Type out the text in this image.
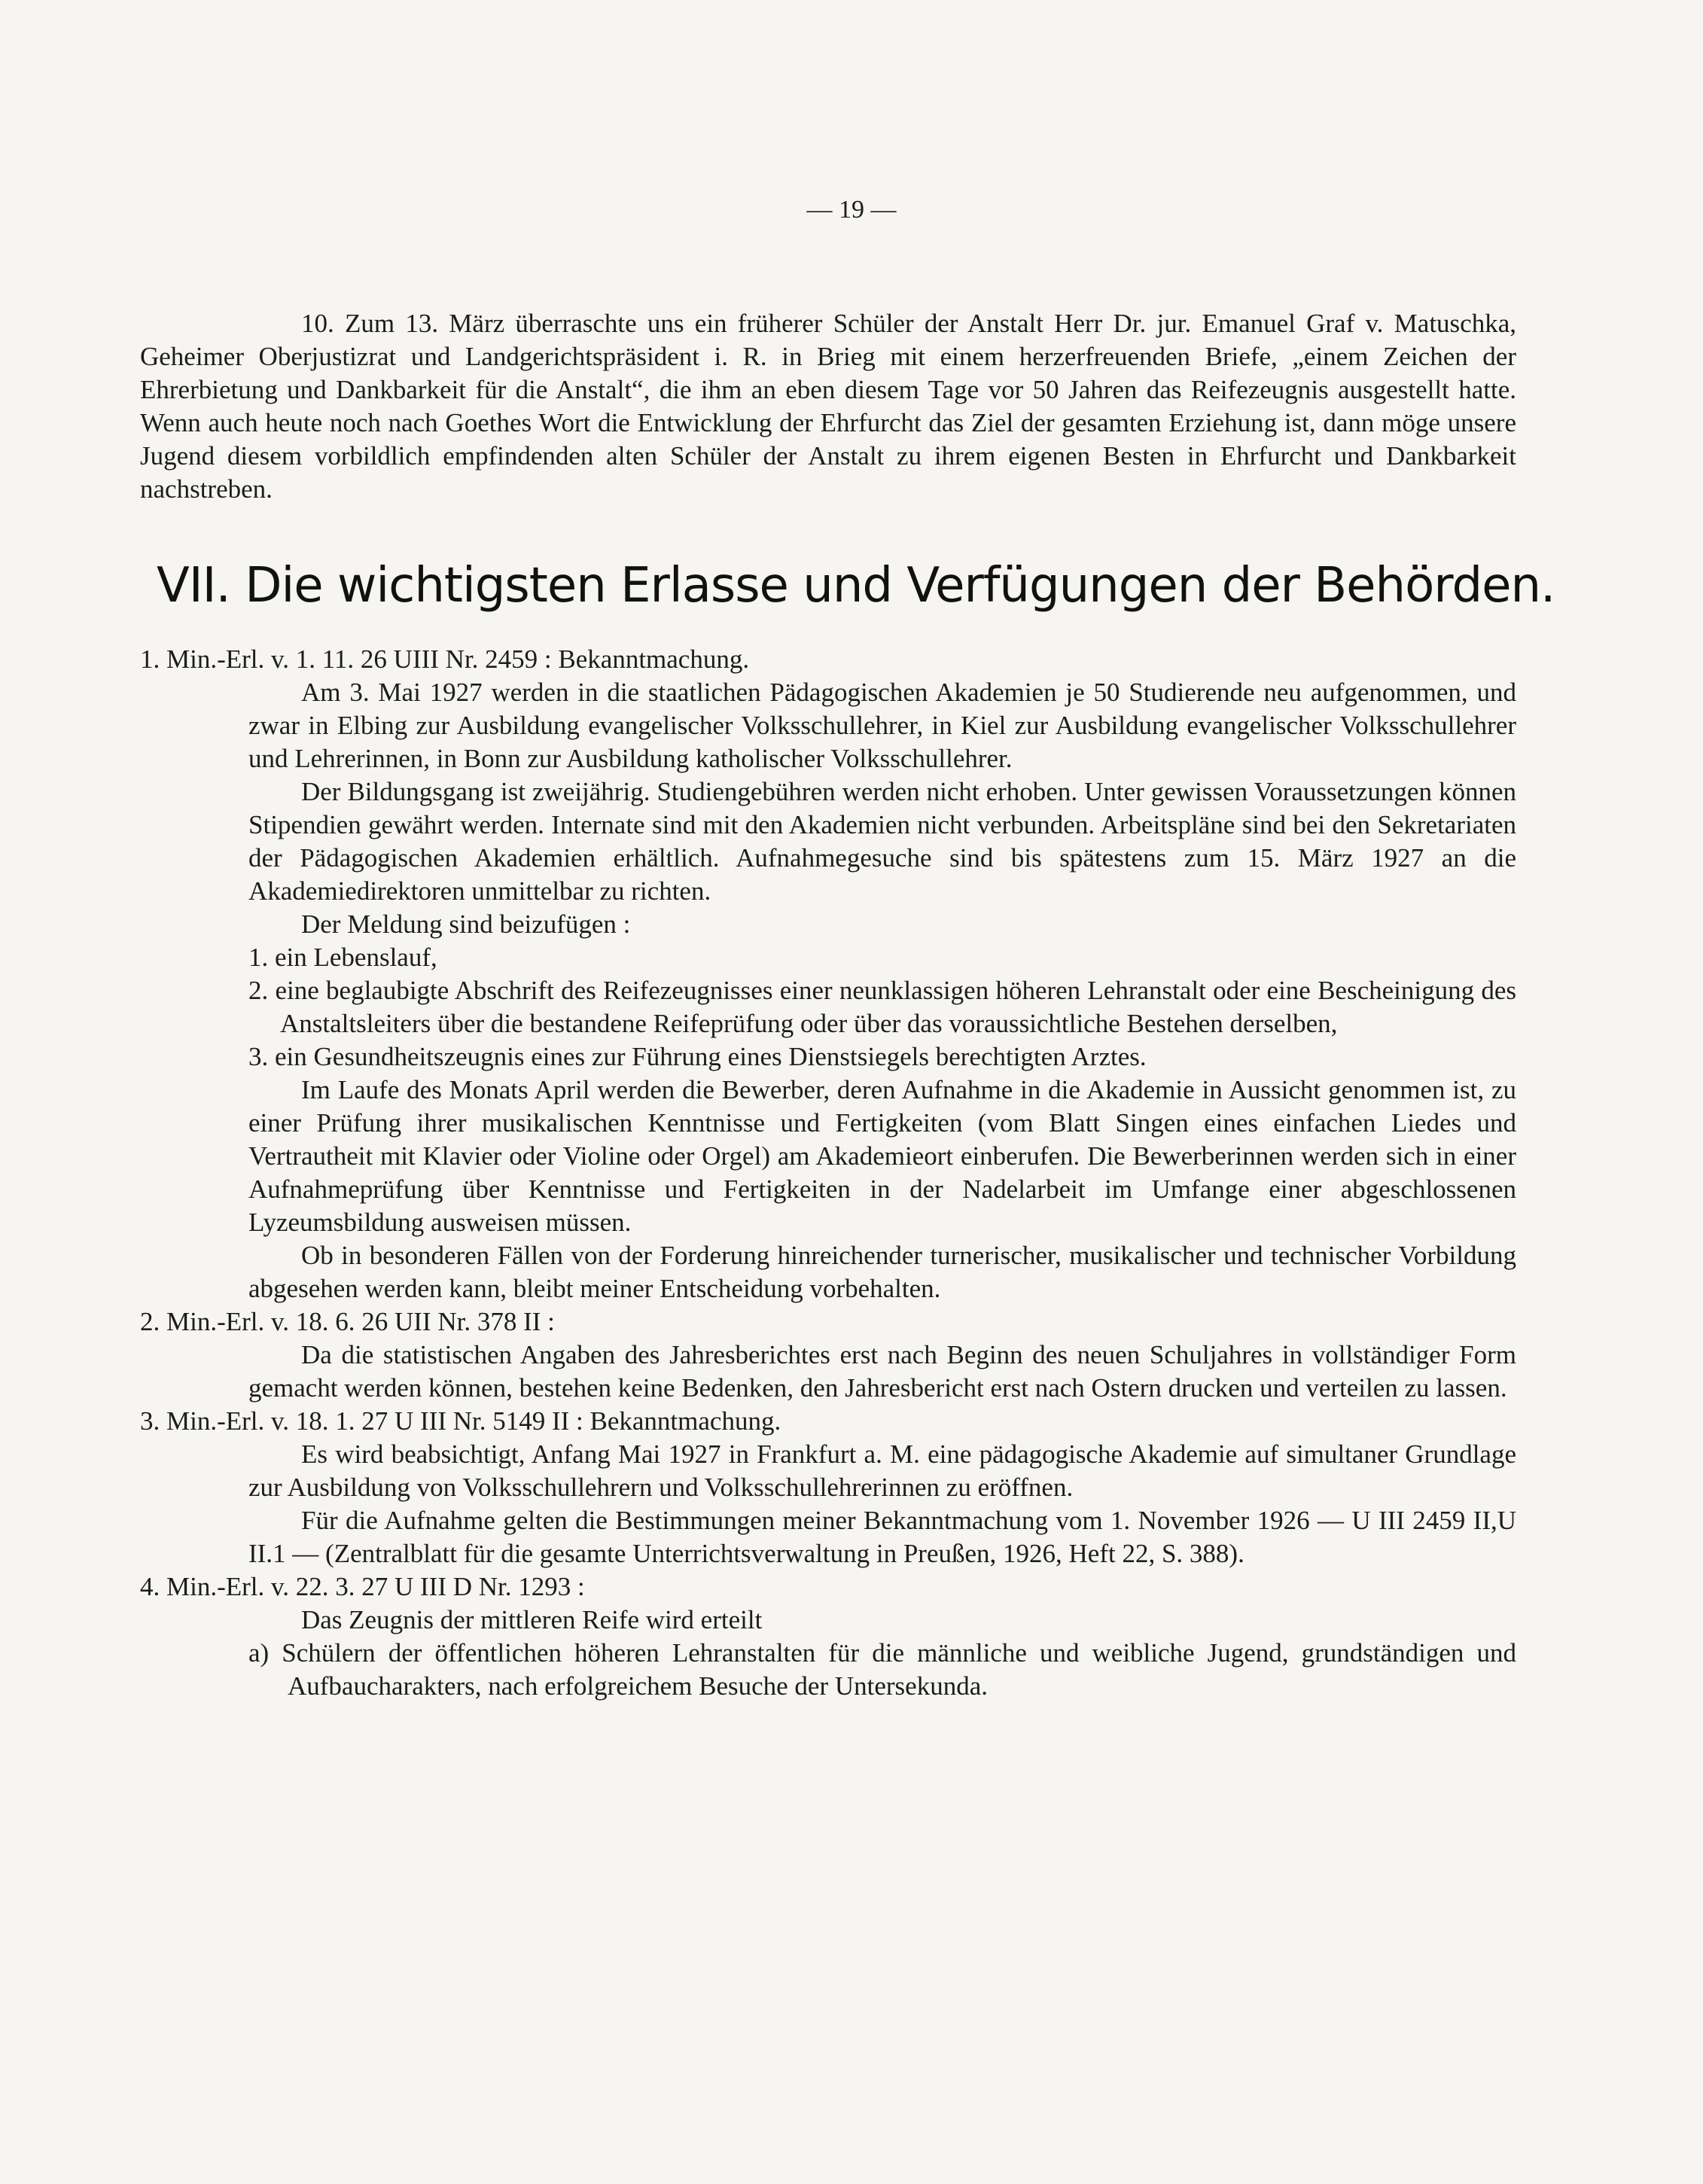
— 19 —

10. Zum 13. März überraschte uns ein früherer Schüler der Anstalt Herr Dr. jur. Emanuel Graf v. Matuschka, Geheimer Oberjustizrat und Landgerichtspräsident i. R. in Brieg mit einem herzerfreuenden Briefe, „einem Zeichen der Ehrerbietung und Dankbarkeit für die Anstalt“, die ihm an eben diesem Tage vor 50 Jahren das Reifezeugnis ausgestellt hatte. Wenn auch heute noch nach Goethes Wort die Entwicklung der Ehrfurcht das Ziel der gesamten Erziehung ist, dann möge unsere Jugend diesem vorbildlich empfindenden alten Schüler der Anstalt zu ihrem eigenen Besten in Ehrfurcht und Dankbarkeit nachstreben.

VII. Die wichtigsten Erlasse und Verfügungen der Behörden.

1. Min.-Erl. v. 1. 11. 26 UIII Nr. 2459 : Bekanntmachung.

Am 3. Mai 1927 werden in die staatlichen Pädagogischen Akademien je 50 Studierende neu aufgenommen, und zwar in Elbing zur Ausbildung evangelischer Volksschullehrer, in Kiel zur Ausbildung evangelischer Volksschullehrer und Lehrerinnen, in Bonn zur Ausbildung katholischer Volksschullehrer.

Der Bildungsgang ist zweijährig. Studiengebühren werden nicht erhoben. Unter gewissen Voraussetzungen können Stipendien gewährt werden. Internate sind mit den Akademien nicht verbunden. Arbeitspläne sind bei den Sekretariaten der Pädagogischen Akademien erhältlich. Aufnahmegesuche sind bis spätestens zum 15. März 1927 an die Akademiedirektoren unmittelbar zu richten.

Der Meldung sind beizufügen :

1. ein Lebenslauf,

2. eine beglaubigte Abschrift des Reifezeugnisses einer neunklassigen höheren Lehranstalt oder eine Bescheinigung des Anstaltsleiters über die bestandene Reifeprüfung oder über das voraussichtliche Bestehen derselben,

3. ein Gesundheitszeugnis eines zur Führung eines Dienstsiegels berechtigten Arztes.

Im Laufe des Monats April werden die Bewerber, deren Aufnahme in die Akademie in Aussicht genommen ist, zu einer Prüfung ihrer musikalischen Kenntnisse und Fertigkeiten (vom Blatt Singen eines einfachen Liedes und Vertrautheit mit Klavier oder Violine oder Orgel) am Akademieort einberufen. Die Bewerberinnen werden sich in einer Aufnahmeprüfung über Kenntnisse und Fertigkeiten in der Nadelarbeit im Umfange einer abgeschlossenen Lyzeumsbildung ausweisen müssen.

Ob in besonderen Fällen von der Forderung hinreichender turnerischer, musikalischer und technischer Vorbildung abgesehen werden kann, bleibt meiner Entscheidung vorbehalten.

2. Min.-Erl. v. 18. 6. 26 UII Nr. 378 II :

Da die statistischen Angaben des Jahresberichtes erst nach Beginn des neuen Schuljahres in vollständiger Form gemacht werden können, bestehen keine Bedenken, den Jahresbericht erst nach Ostern drucken und verteilen zu lassen.

3. Min.-Erl. v. 18. 1. 27 U III Nr. 5149 II : Bekanntmachung.

Es wird beabsichtigt, Anfang Mai 1927 in Frankfurt a. M. eine pädagogische Akademie auf simultaner Grundlage zur Ausbildung von Volksschullehrern und Volksschullehrerinnen zu eröffnen.

Für die Aufnahme gelten die Bestimmungen meiner Bekanntmachung vom 1. November 1926 — U III 2459 II,U II.1 — (Zentralblatt für die gesamte Unterrichtsverwaltung in Preußen, 1926, Heft 22, S. 388).

4. Min.-Erl. v. 22. 3. 27 U III D Nr. 1293 :

Das Zeugnis der mittleren Reife wird erteilt

a) Schülern der öffentlichen höheren Lehranstalten für die männliche und weibliche Jugend, grundständigen und Aufbaucharakters, nach erfolgreichem Besuche der Untersekunda.
